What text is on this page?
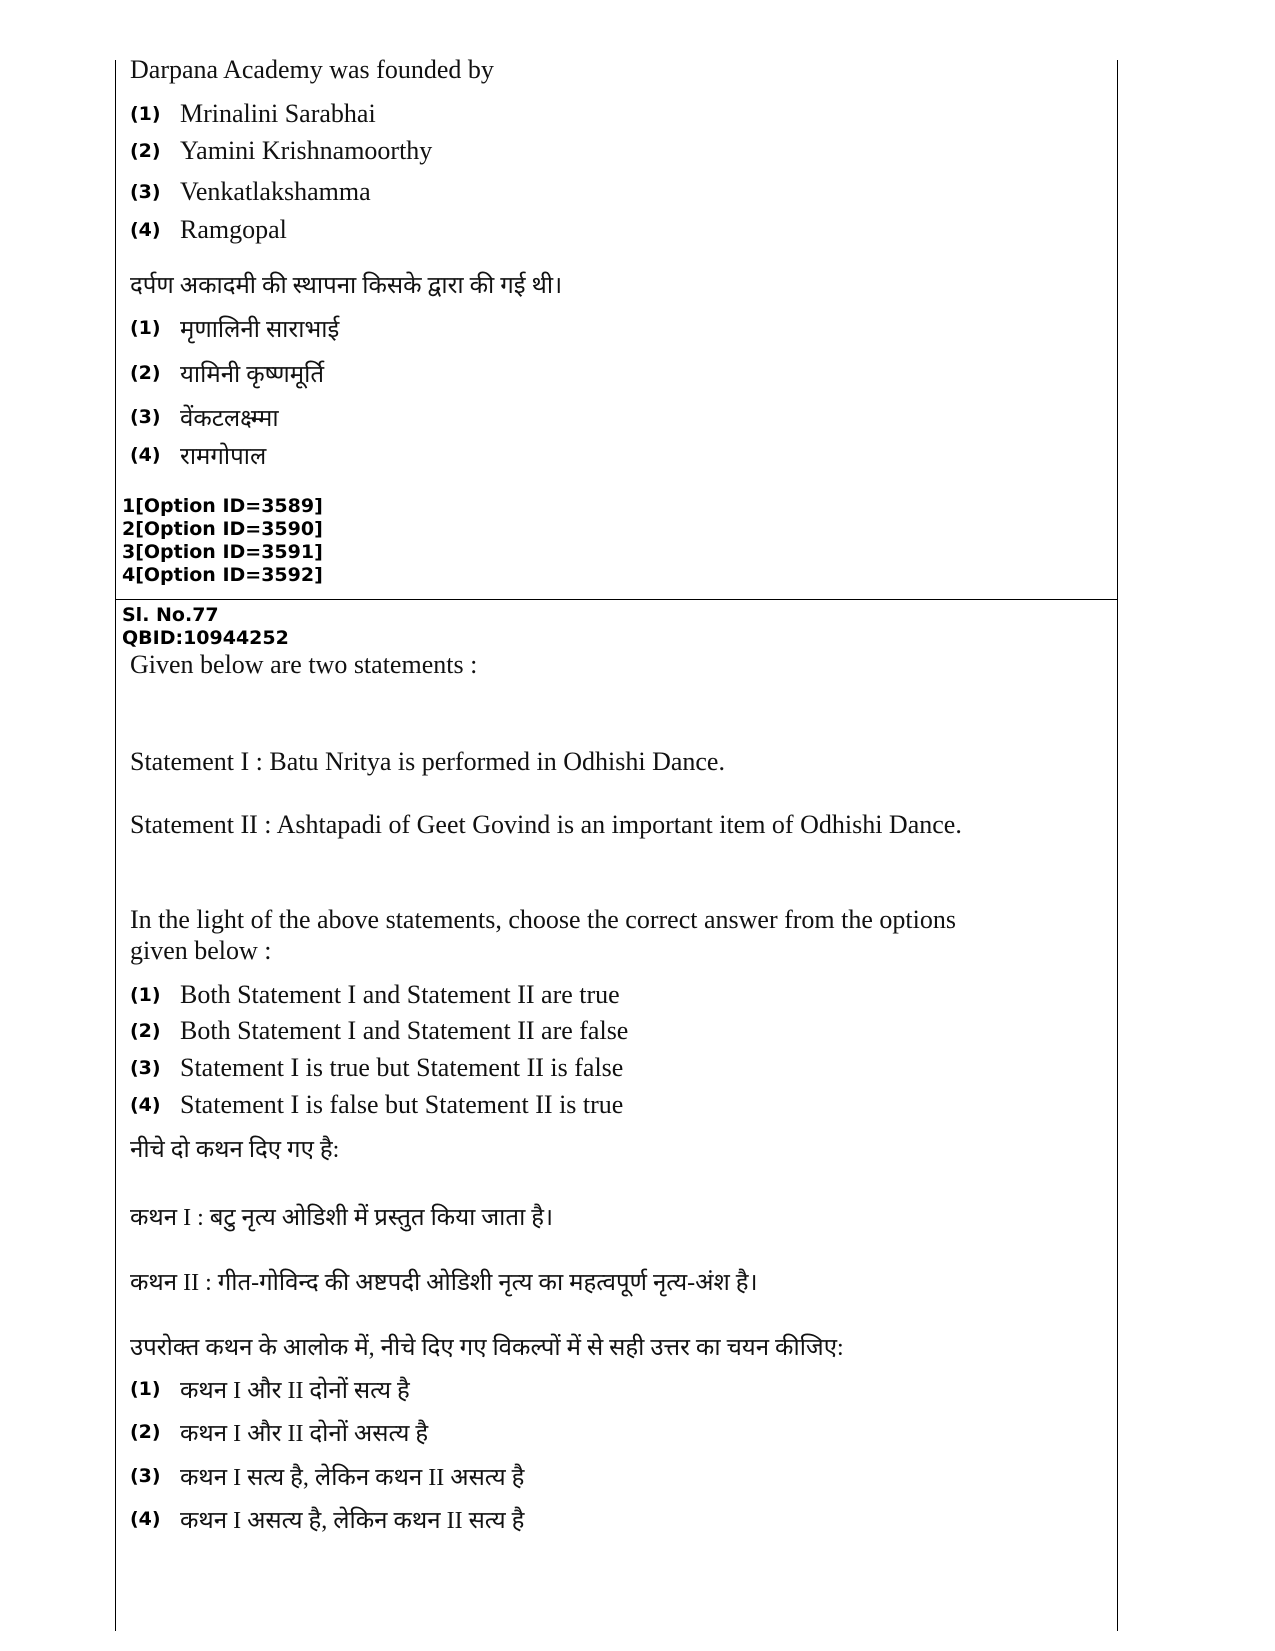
Darpana Academy was founded by
(1) Mrinalini Sarabhai
(2) Yamini Krishnamoorthy
(3) Venkatlakshamma
(4) Ramgopal
दर्पण अकादमी की स्थापना किसके द्वारा की गई थी।
(1) मृणालिनी साराभाई
(2) यामिनी कृष्णमूर्ति
(3) वेंकटलक्ष्म्मा
(4) रामगोपाल
1[Option ID=3589]
2[Option ID=3590]
3[Option ID=3591]
4[Option ID=3592]
Sl. No.77
QBID:10944252
Given below are two statements :
Statement I : Batu Nritya is performed in Odhishi Dance.
Statement II : Ashtapadi of Geet Govind is an important item of Odhishi Dance.
In the light of the above statements, choose the correct answer from the options
given below :
(1) Both Statement I and Statement II are true
(2) Both Statement I and Statement II are false
(3) Statement I is true but Statement II is false
(4) Statement I is false but Statement II is true
नीचे दो कथन दिए गए है:
कथन I : बटु नृत्य ओडिशी में प्रस्तुत किया जाता है।
कथन II : गीत-गोविन्द की अष्टपदी ओडिशी नृत्य का महत्वपूर्ण नृत्य-अंश है।
उपरोक्त कथन के आलोक में, नीचे दिए गए विकल्पों में से सही उत्तर का चयन कीजिए:
(1) कथन I और II दोनों सत्य है
(2) कथन I और II दोनों असत्य है
(3) कथन I सत्य है, लेकिन कथन II असत्य है
(4) कथन I असत्य है, लेकिन कथन II सत्य है
